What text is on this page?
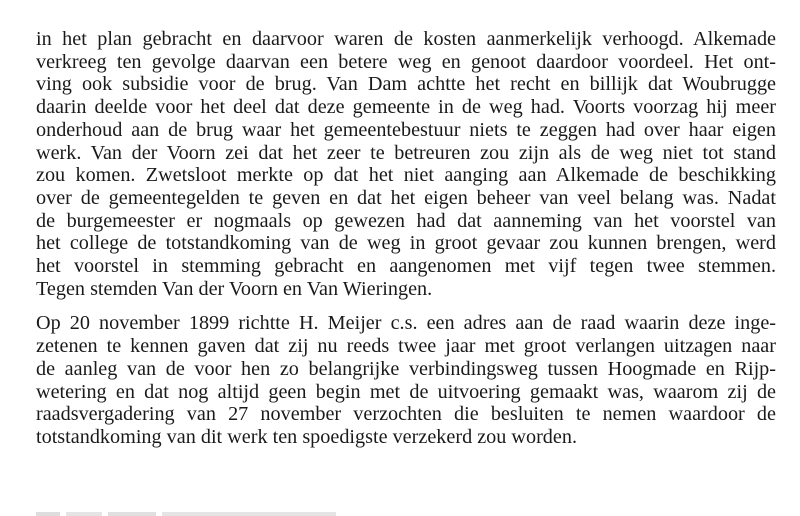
in het plan gebracht en daarvoor waren de kosten aanmerkelijk verhoogd. Alkemade
verkreeg ten gevolge daarvan een betere weg en genoot daardoor voordeel. Het ont-
ving ook subsidie voor de brug. Van Dam achtte het recht en billijk dat Woubrugge
daarin deelde voor het deel dat deze gemeente in de weg had. Voorts voorzag hij meer
onderhoud aan de brug waar het gemeentebestuur niets te zeggen had over haar eigen
werk. Van der Voorn zei dat het zeer te betreuren zou zijn als de weg niet tot stand
zou komen. Zwetsloot merkte op dat het niet aanging aan Alkemade de beschikking
over de gemeentegelden te geven en dat het eigen beheer van veel belang was. Nadat
de burgemeester er nogmaals op gewezen had dat aanneming van het voorstel van
het college de totstandkoming van de weg in groot gevaar zou kunnen brengen, werd
het voorstel in stemming gebracht en aangenomen met vijf tegen twee stemmen.
Tegen stemden Van der Voorn en Van Wieringen.
Op 20 november 1899 richtte H. Meijer c.s. een adres aan de raad waarin deze inge-
zetenen te kennen gaven dat zij nu reeds twee jaar met groot verlangen uitzagen naar
de aanleg van de voor hen zo belangrijke verbindingsweg tussen Hoogmade en Rijp-
wetering en dat nog altijd geen begin met de uitvoering gemaakt was, waarom zij de
raadsvergadering van 27 november verzochten die besluiten te nemen waardoor de
totstandkoming van dit werk ten spoedigste verzekerd zou worden.
